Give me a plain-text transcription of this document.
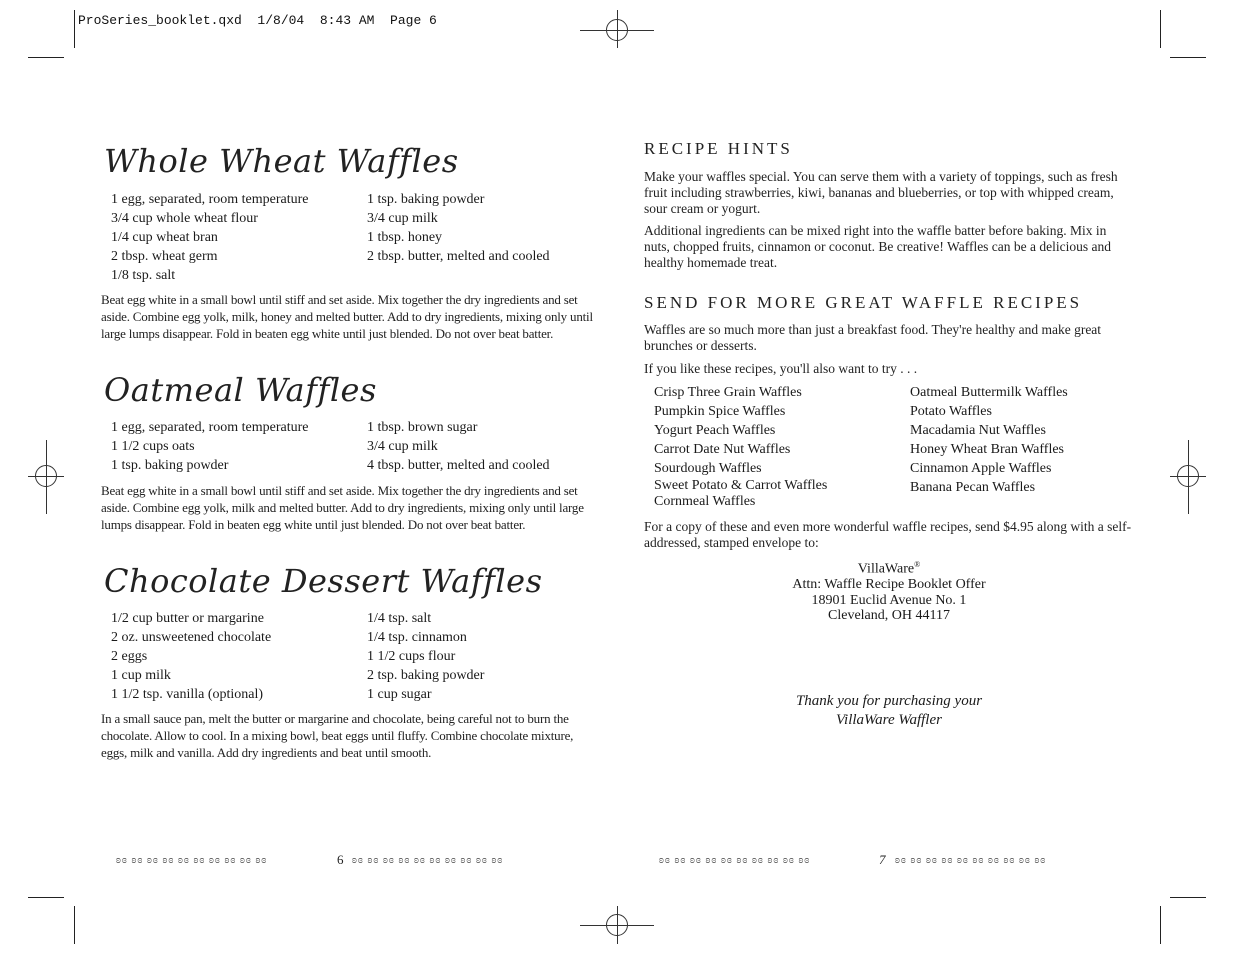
ProSeries_booklet.qxd  1/8/04  8:43 AM  Page 6
Whole Wheat Waffles
1 egg, separated, room temperature
3/4 cup whole wheat flour
1/4 cup wheat bran
2 tbsp. wheat germ
1/8 tsp. salt
1 tsp. baking powder
3/4 cup milk
1 tbsp. honey
2 tbsp. butter, melted and cooled
Beat egg white in a small bowl until stiff and set aside. Mix together the dry ingredients and set aside. Combine egg yolk, milk, honey and melted butter. Add to dry ingredients, mixing only until large lumps disappear. Fold in beaten egg white until just blended. Do not over beat batter.
Oatmeal Waffles
1 egg, separated, room temperature
1 1/2 cups oats
1 tsp. baking powder
1 tbsp. brown sugar
3/4 cup milk
4 tbsp. butter, melted and cooled
Beat egg white in a small bowl until stiff and set aside. Mix together the dry ingredients and set aside. Combine egg yolk, milk and melted butter. Add to dry ingredients, mixing only until large lumps disappear. Fold in beaten egg white until just blended. Do not over beat batter.
Chocolate Dessert Waffles
1/2 cup butter or margarine
2 oz. unsweetened chocolate
2 eggs
1 cup milk
1 1/2 tsp. vanilla (optional)
1/4 tsp. salt
1/4 tsp. cinnamon
1 1/2 cups flour
2 tsp. baking powder
1 cup sugar
In a small sauce pan, melt the butter or margarine and chocolate, being careful not to burn the chocolate. Allow to cool. In a mixing bowl, beat eggs until fluffy. Combine chocolate mixture, eggs, milk and vanilla. Add dry ingredients and beat until smooth.
ʚɞ ʚɞ ʚɞ ʚɞ ʚɞ ʚɞ ʚɞ ʚɞ ʚɞ ʚɞ	6 ʚɞ ʚɞ ʚɞ ʚɞ ʚɞ ʚɞ ʚɞ ʚɞ ʚɞ ʚɞ
RECIPE HINTS
Make your waffles special. You can serve them with a variety of toppings, such as fresh fruit including strawberries, kiwi, bananas and blueberries, or top with whipped cream, sour cream or yogurt.
Additional ingredients can be mixed right into the waffle batter before baking. Mix in nuts, chopped fruits, cinnamon or coconut. Be creative! Waffles can be a delicious and healthy homemade treat.
SEND FOR MORE GREAT WAFFLE RECIPES
Waffles are so much more than just a breakfast food. They're healthy and make great brunches or desserts.
If you like these recipes, you'll also want to try . . .
Crisp Three Grain Waffles
Pumpkin Spice Waffles
Yogurt Peach Waffles
Carrot Date Nut Waffles
Sourdough Waffles
Sweet Potato & Carrot Waffles
Cornmeal Waffles
Oatmeal Buttermilk Waffles
Potato Waffles
Macadamia Nut Waffles
Honey Wheat Bran Waffles
Cinnamon Apple Waffles
Banana Pecan Waffles
For a copy of these and even more wonderful waffle recipes, send $4.95 along with a self-addressed, stamped envelope to:
VillaWare®
Attn: Waffle Recipe Booklet Offer
18901 Euclid Avenue No. 1
Cleveland, OH 44117
Thank you for purchasing your
VillaWare Waffler
ʚɞ ʚɞ ʚɞ ʚɞ ʚɞ ʚɞ ʚɞ ʚɞ ʚɞ ʚɞ	7 ʚɞ ʚɞ ʚɞ ʚɞ ʚɞ ʚɞ ʚɞ ʚɞ ʚɞ ʚɞ
